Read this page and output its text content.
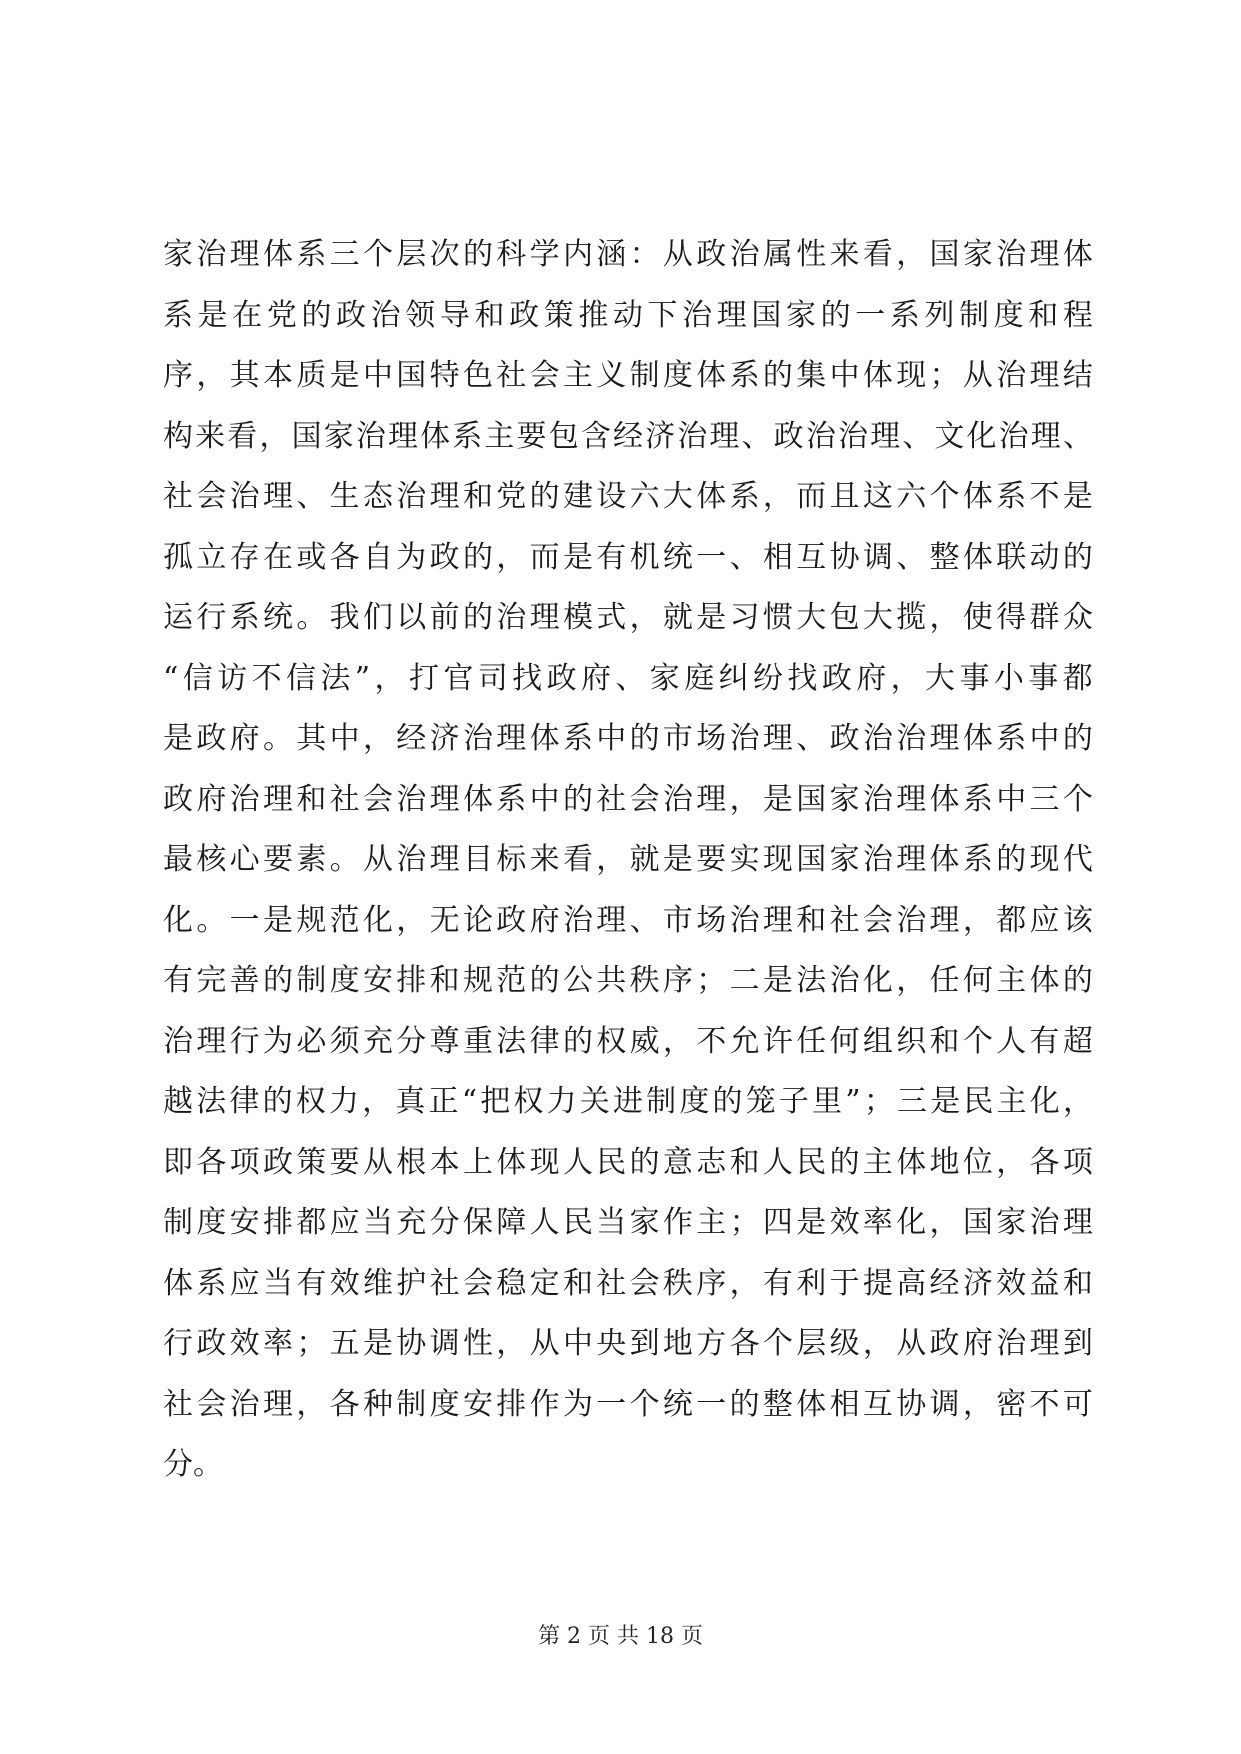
家 治 理 体 系 三 个 层 次 的 科 学 内 涵 ： 从 政 治 属 性 来 看 ， 国 家 治 理 体
系 是 在 党 的 政 治 领 导 和 政 策 推 动 下 治 理 国 家 的 一 系 列 制 度 和 程
序 ， 其 本 质 是 中 国 特 色 社 会 主 义 制 度 体 系 的 集 中 体 现 ； 从 治 理 结
构 来 看 ， 国 家 治 理 体 系 主 要 包 含 经 济 治 理 、 政 治 治 理 、 文 化 治 理 、
社 会 治 理 、 生 态 治 理 和 党 的 建 设 六 大 体 系 ， 而 且 这 六 个 体 系 不 是
孤 立 存 在 或 各 自 为 政 的 ， 而 是 有 机 统 一 、 相 互 协 调 、 整 体 联 动 的
运 行 系 统 。 我 们 以 前 的 治 理 模 式 ， 就 是 习 惯 大 包 大 揽 ， 使 得 群 众
“ 信 访 不 信 法 ” ， 打 官 司 找 政 府 、 家 庭 纠 纷 找 政 府 ， 大 事 小 事 都
是 政 府 。 其 中 ， 经 济 治 理 体 系 中 的 市 场 治 理 、 政 治 治 理 体 系 中 的
政 府 治 理 和 社 会 治 理 体 系 中 的 社 会 治 理 ， 是 国 家 治 理 体 系 中 三 个
最 核 心 要 素 。 从 治 理 目 标 来 看 ， 就 是 要 实 现 国 家 治 理 体 系 的 现 代
化 。 一 是 规 范 化 ， 无 论 政 府 治 理 、 市 场 治 理 和 社 会 治 理 ， 都 应 该
有 完 善 的 制 度 安 排 和 规 范 的 公 共 秩 序 ； 二 是 法 治 化 ， 任 何 主 体 的
治 理 行 为 必 须 充 分 尊 重 法 律 的 权 威 ， 不 允 许 任 何 组 织 和 个 人 有 超
越 法 律 的 权 力 ， 真 正 “ 把 权 力 关 进 制 度 的 笼 子 里 ” ； 三 是 民 主 化 ，
即 各 项 政 策 要 从 根 本 上 体 现 人 民 的 意 志 和 人 民 的 主 体 地 位 ， 各 项
制 度 安 排 都 应 当 充 分 保 障 人 民 当 家 作 主 ； 四 是 效 率 化 ， 国 家 治 理
体 系 应 当 有 效 维 护 社 会 稳 定 和 社 会 秩 序 ， 有 利 于 提 高 经 济 效 益 和
行 政 效 率 ； 五 是 协 调 性 ， 从 中 央 到 地 方 各 个 层 级 ， 从 政 府 治 理 到
社 会 治 理 ， 各 种 制 度 安 排 作 为 一 个 统 一 的 整 体 相 互 协 调 ， 密 不 可
分 。
第 2 页 共 18 页
